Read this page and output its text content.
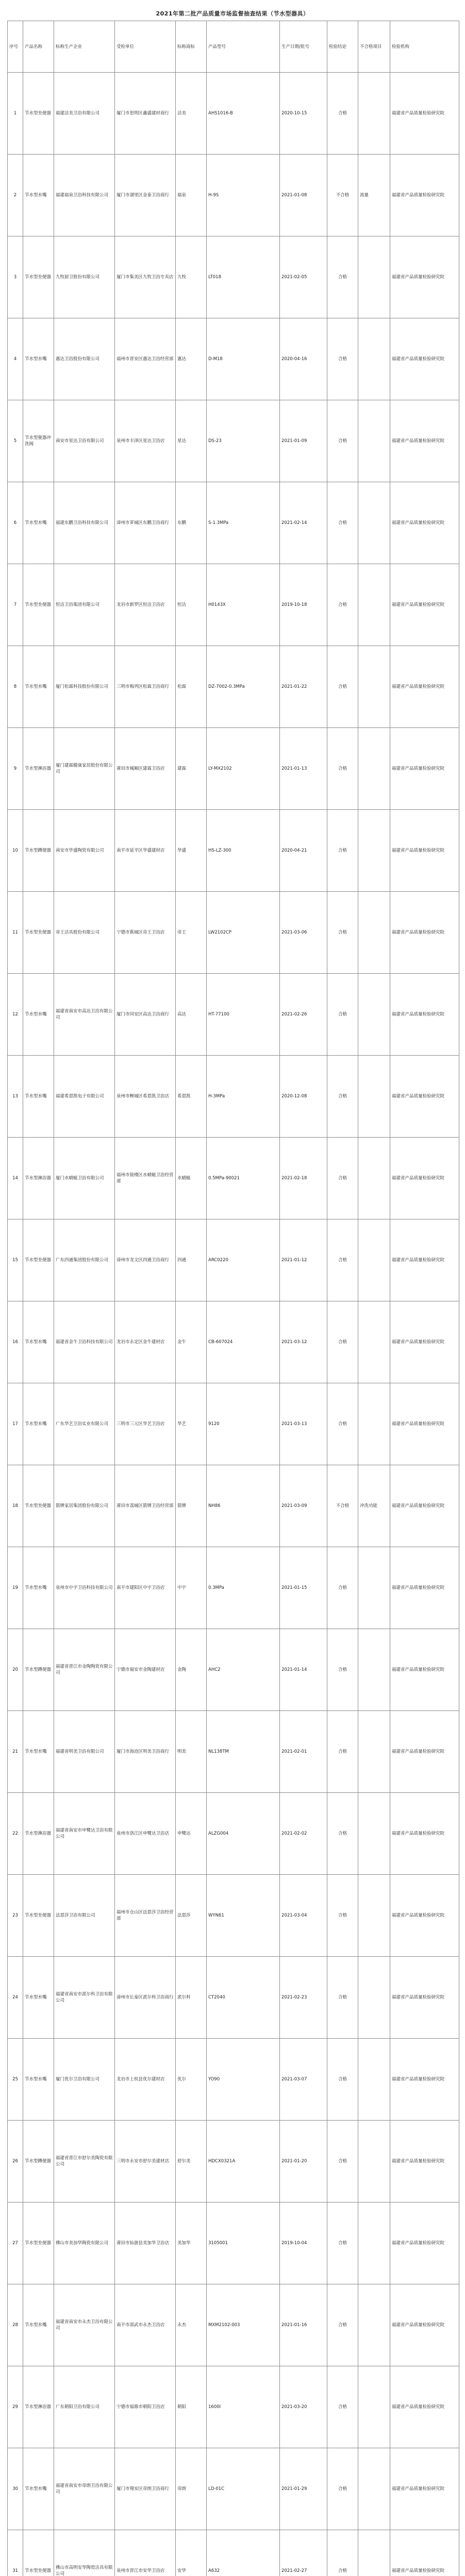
2021年第二批产品质量市场监督抽查结果（节水型器具）
序号	产品名称	标称生产企业	受检单位	标称商标	产品型号	生产日期/批号	检验结论	不合格项目	检验机构
1	节水型坐便器	福建洁美卫浴有限公司	厦门市思明区鑫盛建材商行	洁美	AHS1016-B	2020-10-15	合格		福建省产品质量检验研究院
2	节水型水嘴	福建福泉卫浴科技有限公司	厦门市湖里区金泰卫浴商行	福泉	H-9S	2021-01-08	不合格	流量	福建省产品质量检验研究院
3	节水型坐便器	九牧厨卫股份有限公司	厦门市集美区九牧卫浴专卖店	九牧	LT018	2021-02-05	合格		福建省产品质量检验研究院
4	节水型水嘴	惠达卫浴股份有限公司	福州市晋安区惠达卫浴经营部	惠达	D-M18	2020-04-16	合格		福建省产品质量检验研究院
5	节水型便器冲洗阀	南安市星达卫浴有限公司	泉州市丰泽区星达卫浴店	星达	DS-23	2021-01-09	合格		福建省产品质量检验研究院
6	节水型水嘴	福建东鹏卫浴科技有限公司	漳州市芗城区东鹏卫浴商行	东鹏	S-1.3MPa	2021-02-14	合格		福建省产品质量检验研究院
7	节水型坐便器	恒洁卫浴集团有限公司	龙岩市新罗区恒洁卫浴店	恒洁	H0143X	2019-10-18	合格		福建省产品质量检验研究院
8	节水型水嘴	厦门松霖科技股份有限公司	三明市梅列区松霖卫浴商行	松霖	DZ-7002-0.3MPa	2021-01-22	合格		福建省产品质量检验研究院
9	节水型淋浴器	厦门建霖健康家居股份有限公司	莆田市城厢区建霖卫浴店	建霖	LY-MX2102	2021-01-13	合格		福建省产品质量检验研究院
10	节水型蹲便器	南安市华盛陶瓷有限公司	南平市延平区华盛建材店	华盛	HS-LZ-300	2020-04-21	合格		福建省产品质量检验研究院
11	节水型坐便器	帝王洁具股份有限公司	宁德市蕉城区帝王卫浴店	帝王	LW2102CP	2021-03-06	合格		福建省产品质量检验研究院
12	节水型水嘴	福建省南安市高达卫浴有限公司	厦门市同安区高达卫浴商行	高达	HT-77100	2021-02-26	合格		福建省产品质量检验研究院
13	节水型水嘴	福建希恩凯电子有限公司	泉州市鲤城区希恩凯卫浴店	希恩凯	H-3MPa	2020-12-08	合格		福建省产品质量检验研究院
14	节水型淋浴器	厦门水蜻蜓卫浴有限公司	福州市鼓楼区水蜻蜓卫浴经营部	水蜻蜓	0.5MPa-90021	2021-02-18	合格		福建省产品质量检验研究院
15	节水型坐便器	广东四通集团股份有限公司	漳州市龙文区四通卫浴商行	四通	ARC0220	2021-01-12	合格		福建省产品质量检验研究院
16	节水型水嘴	福建省金牛卫浴科技有限公司	龙岩市永定区金牛建材店	金牛	CB-607024	2021-03-12	合格		福建省产品质量检验研究院
17	节水型水嘴	广东华艺卫浴实业有限公司	三明市三元区华艺卫浴店	华艺	9120	2021-03-13	合格		福建省产品质量检验研究院
18	节水型坐便器	箭牌家居集团股份有限公司	莆田市荔城区箭牌卫浴经营部	箭牌	NH86	2021-03-09	不合格	冲洗功能	福建省产品质量检验研究院
19	节水型水嘴	泉州市中宇卫浴科技有限公司	南平市建阳区中宇卫浴店	中宇	0.3MPa	2021-01-15	合格		福建省产品质量检验研究院
20	节水型蹲便器	福建省晋江市金陶陶瓷有限公司	宁德市福安市金陶建材店	金陶	AHC2	2021-01-14	合格		福建省产品质量检验研究院
21	节水型水嘴	福建省明美卫浴有限公司	厦门市海沧区明美卫浴商行	明美	NL138TM	2021-02-01	合格		福建省产品质量检验研究院
22	节水型淋浴器	福建省南安市申鹭达卫浴有限公司	泉州市洛江区申鹭达卫浴店	申鹭达	ALZG004	2021-02-02	合格		福建省产品质量检验研究院
23	节水型坐便器	法恩莎卫浴有限公司	福州市仓山区法恩莎卫浴经营部	法恩莎	WYN61	2021-03-04	合格		福建省产品质量检验研究院
24	节水型水嘴	福建省南安市派尔科卫浴有限公司	漳州市长泰区派尔科卫浴商行	派尔科	CT2040	2021-02-23	合格		福建省产品质量检验研究院
25	节水型水嘴	厦门优尔卫浴有限公司	龙岩市上杭县优尔建材店	优尔	YO90	2021-03-07	合格		福建省产品质量检验研究院
26	节水型蹲便器	福建省晋江市舒尔美陶瓷有限公司	三明市永安市舒尔美建材店	舒尔美	HDCX0321A	2021-01-20	合格		福建省产品质量检验研究院
27	节水型坐便器	佛山市美加华陶瓷有限公司	莆田市仙游县美加华卫浴店	美加华	3105001	2019-10-04	合格		福建省产品质量检验研究院
28	节水型水嘴	福建省南安市永杰卫浴有限公司	南平市邵武市永杰卫浴店	永杰	MXM2102-003	2021-01-16	合格		福建省产品质量检验研究院
29	节水型淋浴器	广东朝阳卫浴有限公司	宁德市福鼎市朝阳卫浴店	朝阳	1600I	2021-03-20	合格		福建省产品质量检验研究院
30	节水型水嘴	福建省南安市帝朗卫浴有限公司	厦门市翔安区帝朗卫浴商行	帝朗	LD-01C	2021-01-29	合格		福建省产品质量检验研究院
31	节水型坐便器	佛山市高明安华陶瓷洁具有限公司	泉州市晋江市安华卫浴店	安华	A632	2021-02-27	合格		福建省产品质量检验研究院
